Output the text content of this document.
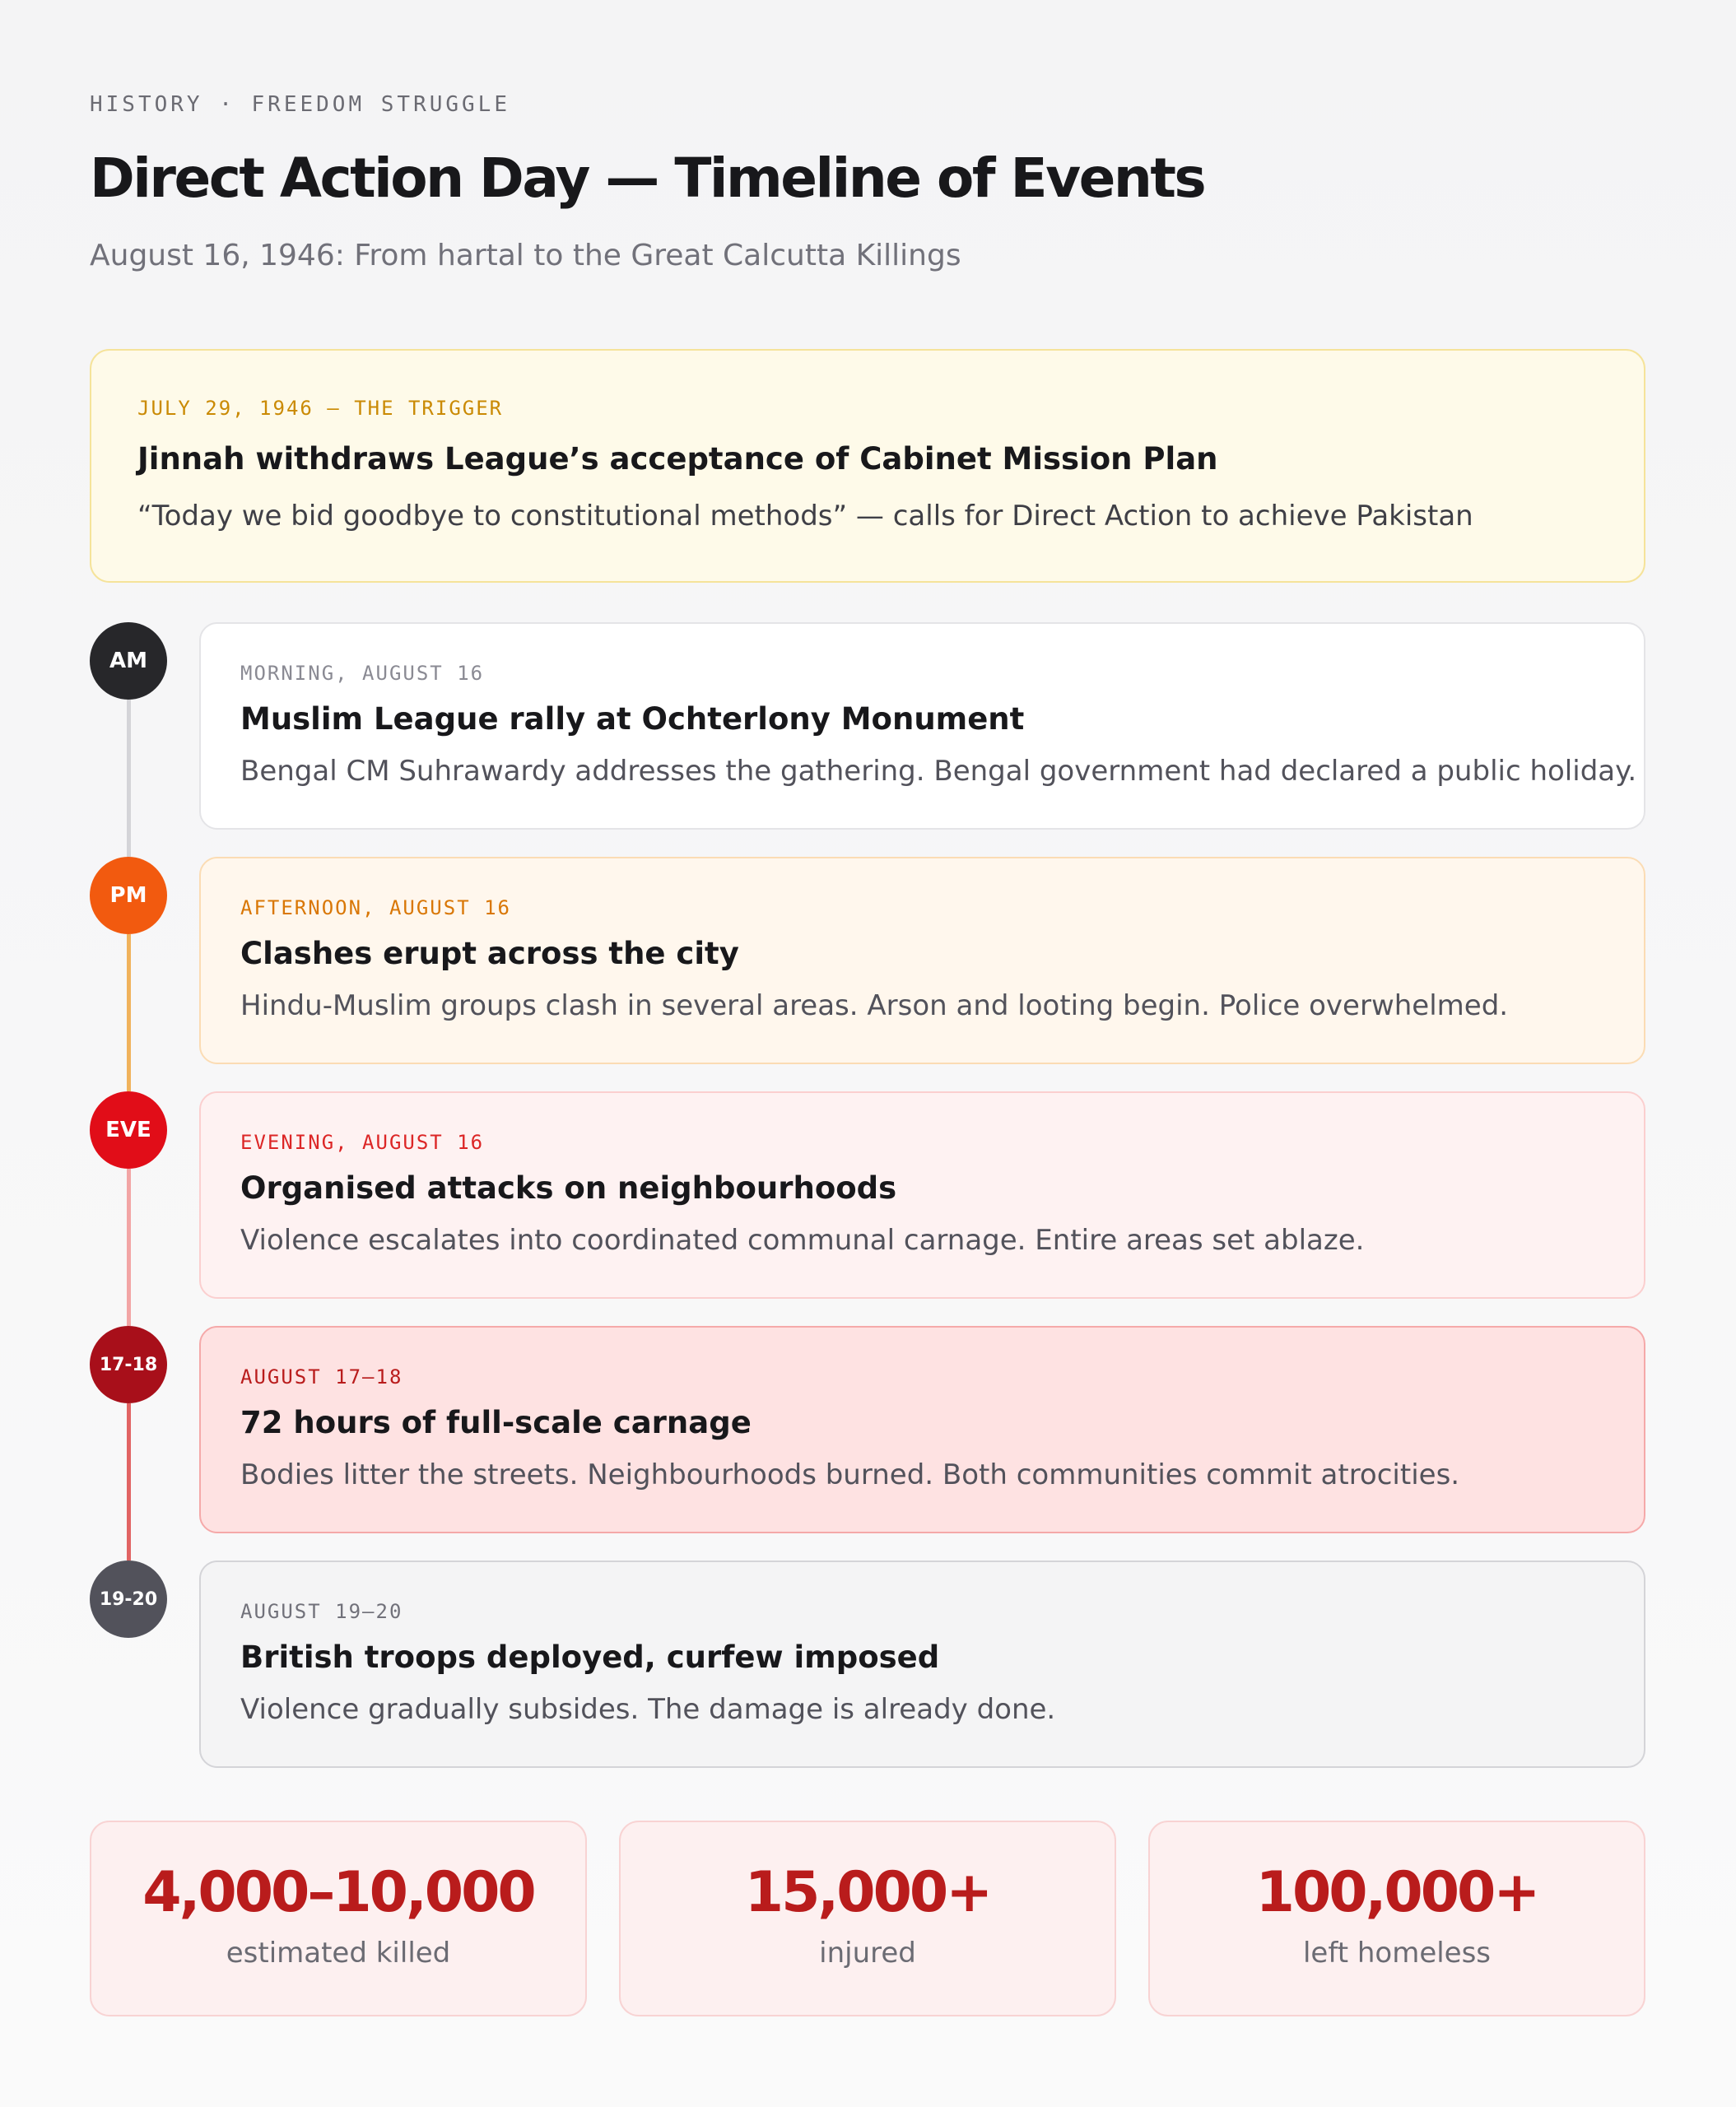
HISTORY · FREEDOM STRUGGLE
Direct Action Day — Timeline of Events
August 16, 1946: From hartal to the Great Calcutta Killings
JULY 29, 1946 — THE TRIGGER
Jinnah withdraws League’s acceptance of Cabinet Mission Plan
“Today we bid goodbye to constitutional methods” — calls for Direct Action to achieve Pakistan
AM	MORNING, AUGUST 16
Muslim League rally at Ochterlony Monument
Bengal CM Suhrawardy addresses the gathering. Bengal government had declared a public holiday.
PM	AFTERNOON, AUGUST 16
Clashes erupt across the city
Hindu-Muslim groups clash in several areas. Arson and looting begin. Police overwhelmed.
EVE	EVENING, AUGUST 16
Organised attacks on neighbourhoods
Violence escalates into coordinated communal carnage. Entire areas set ablaze.
17-18
AUGUST 17–18
72 hours of full-scale carnage
Bodies litter the streets. Neighbourhoods burned. Both communities commit atrocities.
19-20
AUGUST 19–20
British troops deployed, curfew imposed
Violence gradually subsides. The damage is already done.
4,000–10,000
estimated killed
15,000+
injured
100,000+
left homeless
